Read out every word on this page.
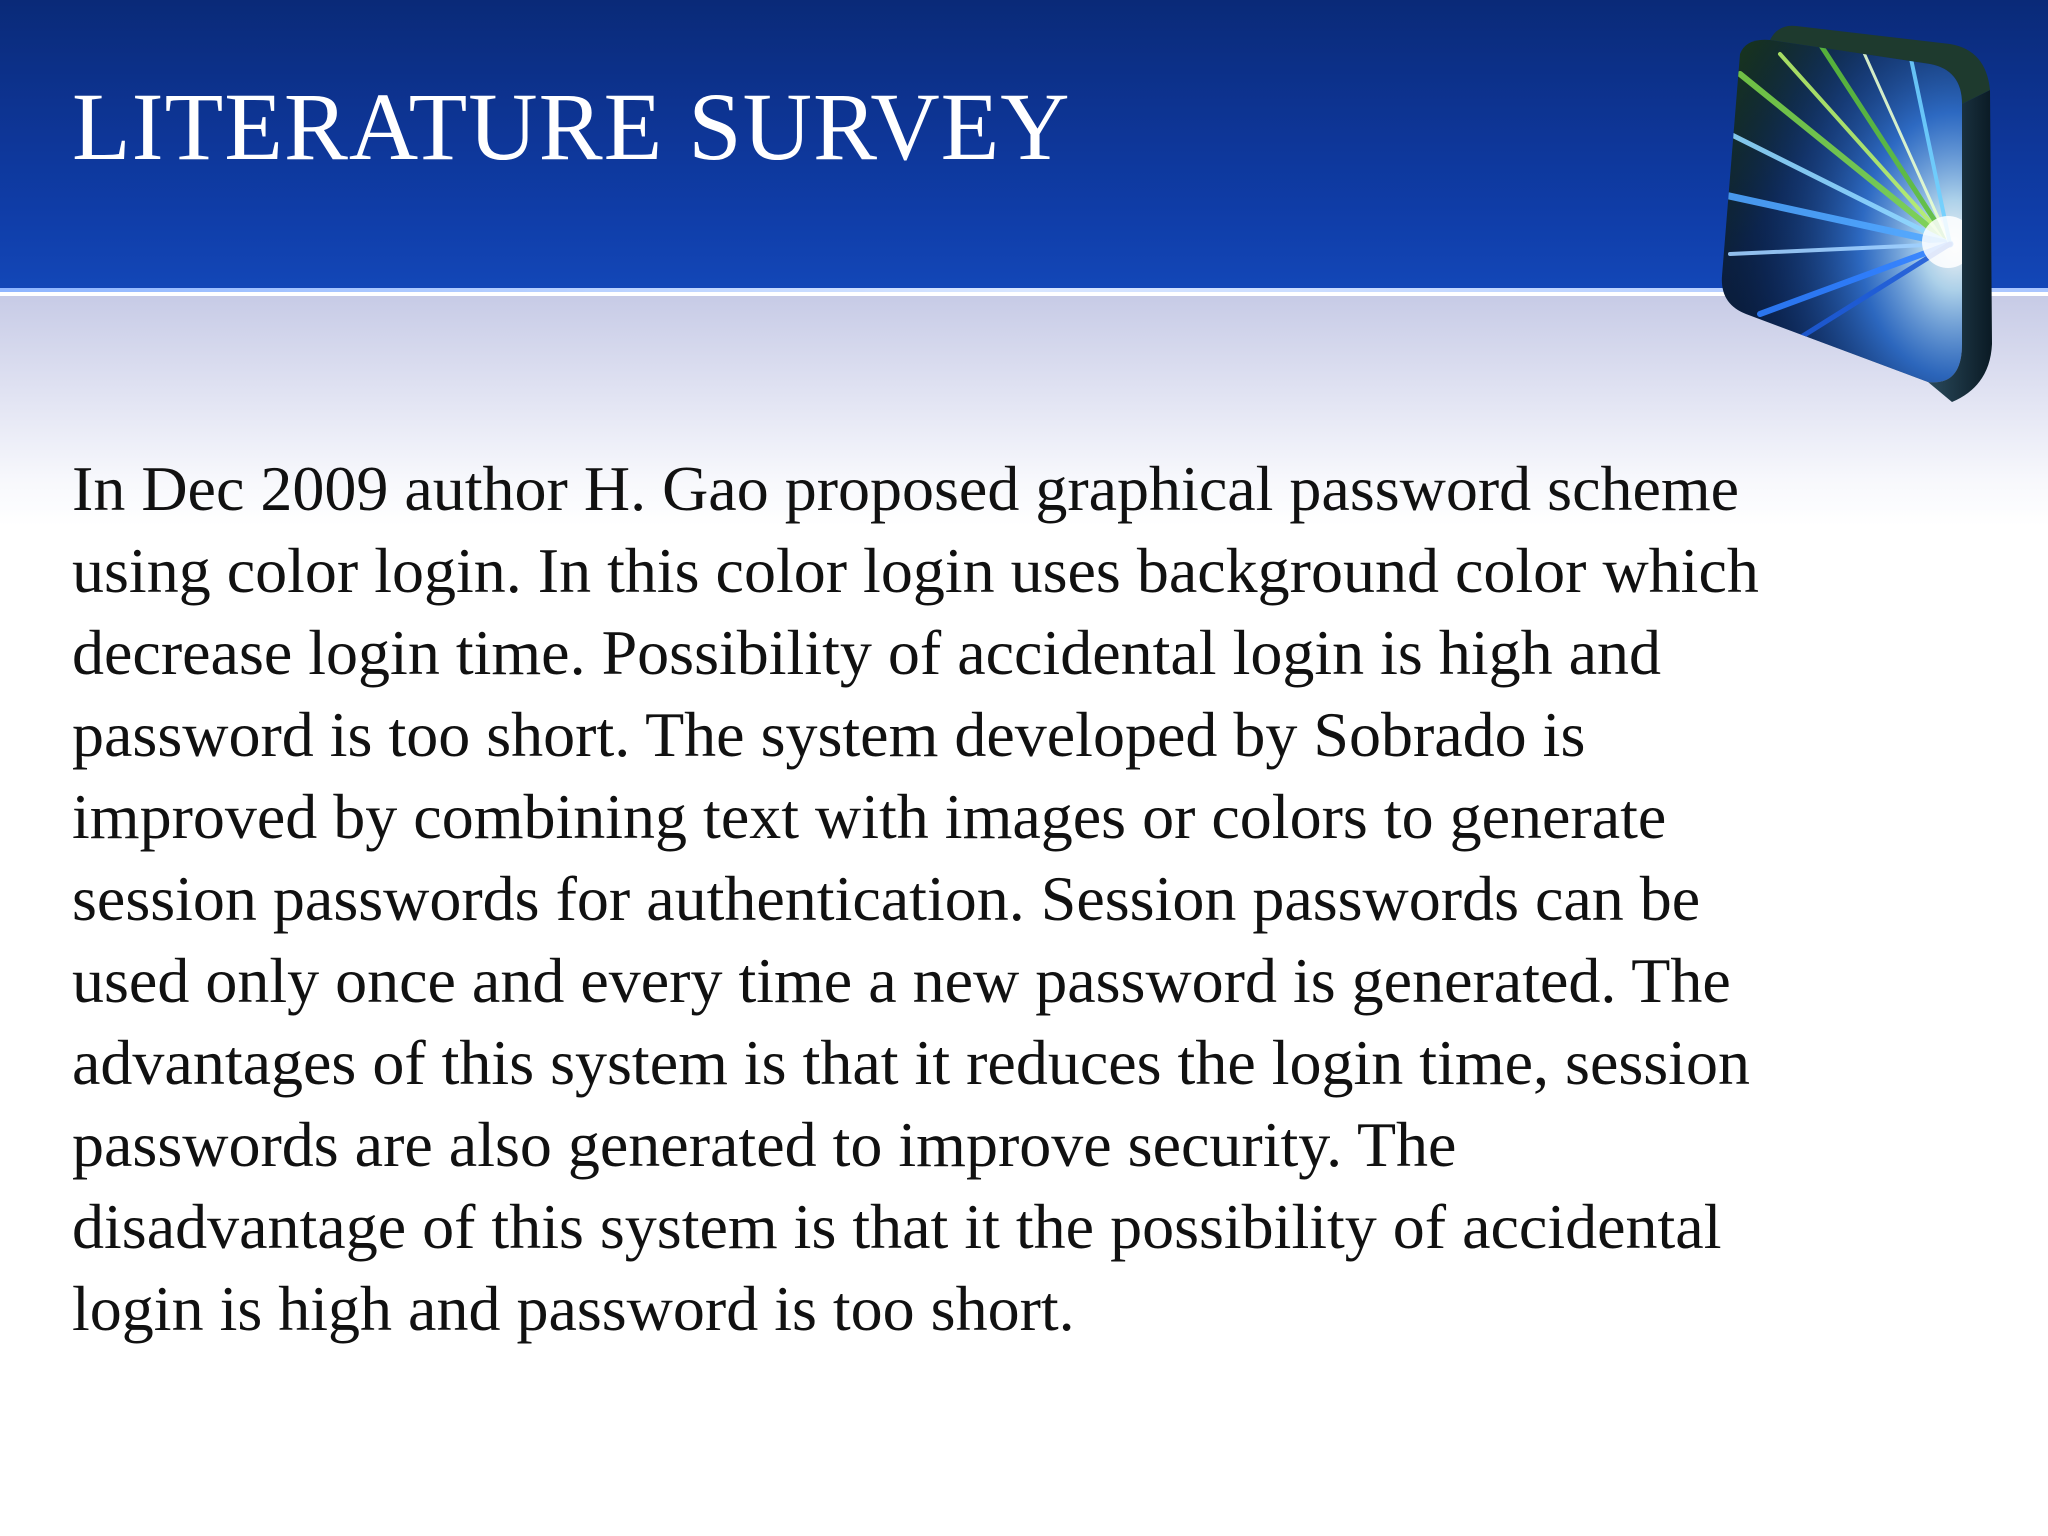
LITERATURE SURVEY

In Dec 2009 author H. Gao proposed graphical password scheme
using color login. In this color login uses background color which
decrease login time. Possibility of accidental login is high and
password is too short. The system developed by Sobrado is
improved by combining text with images or colors to generate
session passwords for authentication. Session passwords can be
used only once and every time a new password is generated. The
advantages of this system is that it reduces the login time, session
passwords are also generated to improve security. The
disadvantage of this system is that it the possibility of accidental
login is high and password is too short.
